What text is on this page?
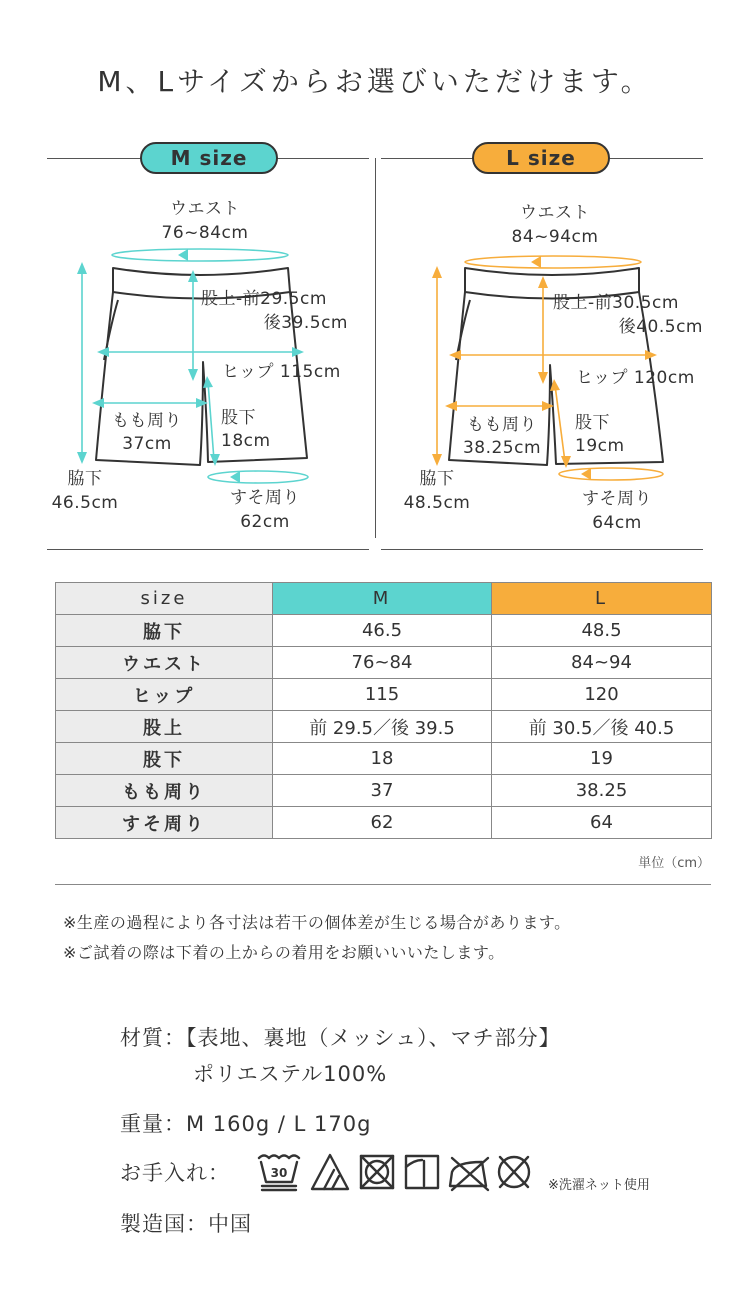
M、Lサイズからお選びいただけます。
M size	L size
ウエスト
76~84cm
股上-前29.5cm
後39.5cm
ヒップ 115cm
もも周り
37cm
股下
18cm
脇下
46.5cm	すそ周り
62cm
ウエスト
84~94cm
股上-前30.5cm
後40.5cm
ヒップ 120cm
もも周り
38.25cm
股下
19cm
脇下
48.5cm	すそ周り
64cm
size	M	L
脇下	46.5	48.5
ウエスト	76~84	84~94
ヒップ	115	120
股上	前 29.5／後 39.5	前 30.5／後 40.5
股下	18	19
もも周り	37	38.25
すそ周り	62	64
単位（cm）
※生産の過程により各寸法は若干の個体差が生じる場合があります。
※ご試着の際は下着の上からの着用をお願いいいたします。
材質：【表地、裏地（メッシュ）、マチ部分】
ポリエステル100%
重量：M 160g / L 170g
お手入れ：	30
※洗濯ネット使用
製造国：中国
